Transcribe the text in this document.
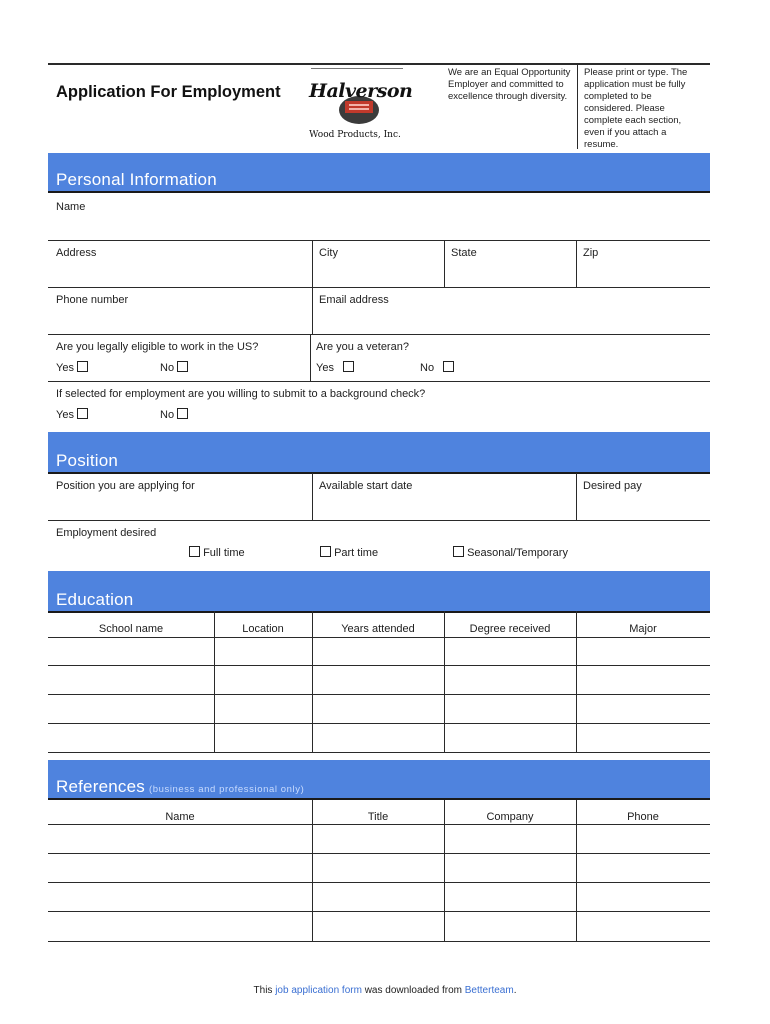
Application For Employment Halverson
Wood Products, Inc.
We are an Equal Opportunity Employer and committed to excellence through diversity.
Please print or type. The application must be fully completed to be considered. Please complete each section, even if you attach a resume.
Personal Information
Name
Address	City	State	Zip
Phone number	Email address
Are you legally eligible to work in the US?
Yes	No
Are you a veteran?
Yes	No
If selected for employment are you willing to submit to a background check?
Yes	No
Position
Position you are applying for	Available start date	Desired pay
Employment desired
Full time	Part time	Seasonal/Temporary
Education
School name	Location	Years attended	Degree received	Major
References (business and professional only)
Name	Title	Company	Phone
This job application form was downloaded from Betterteam.
